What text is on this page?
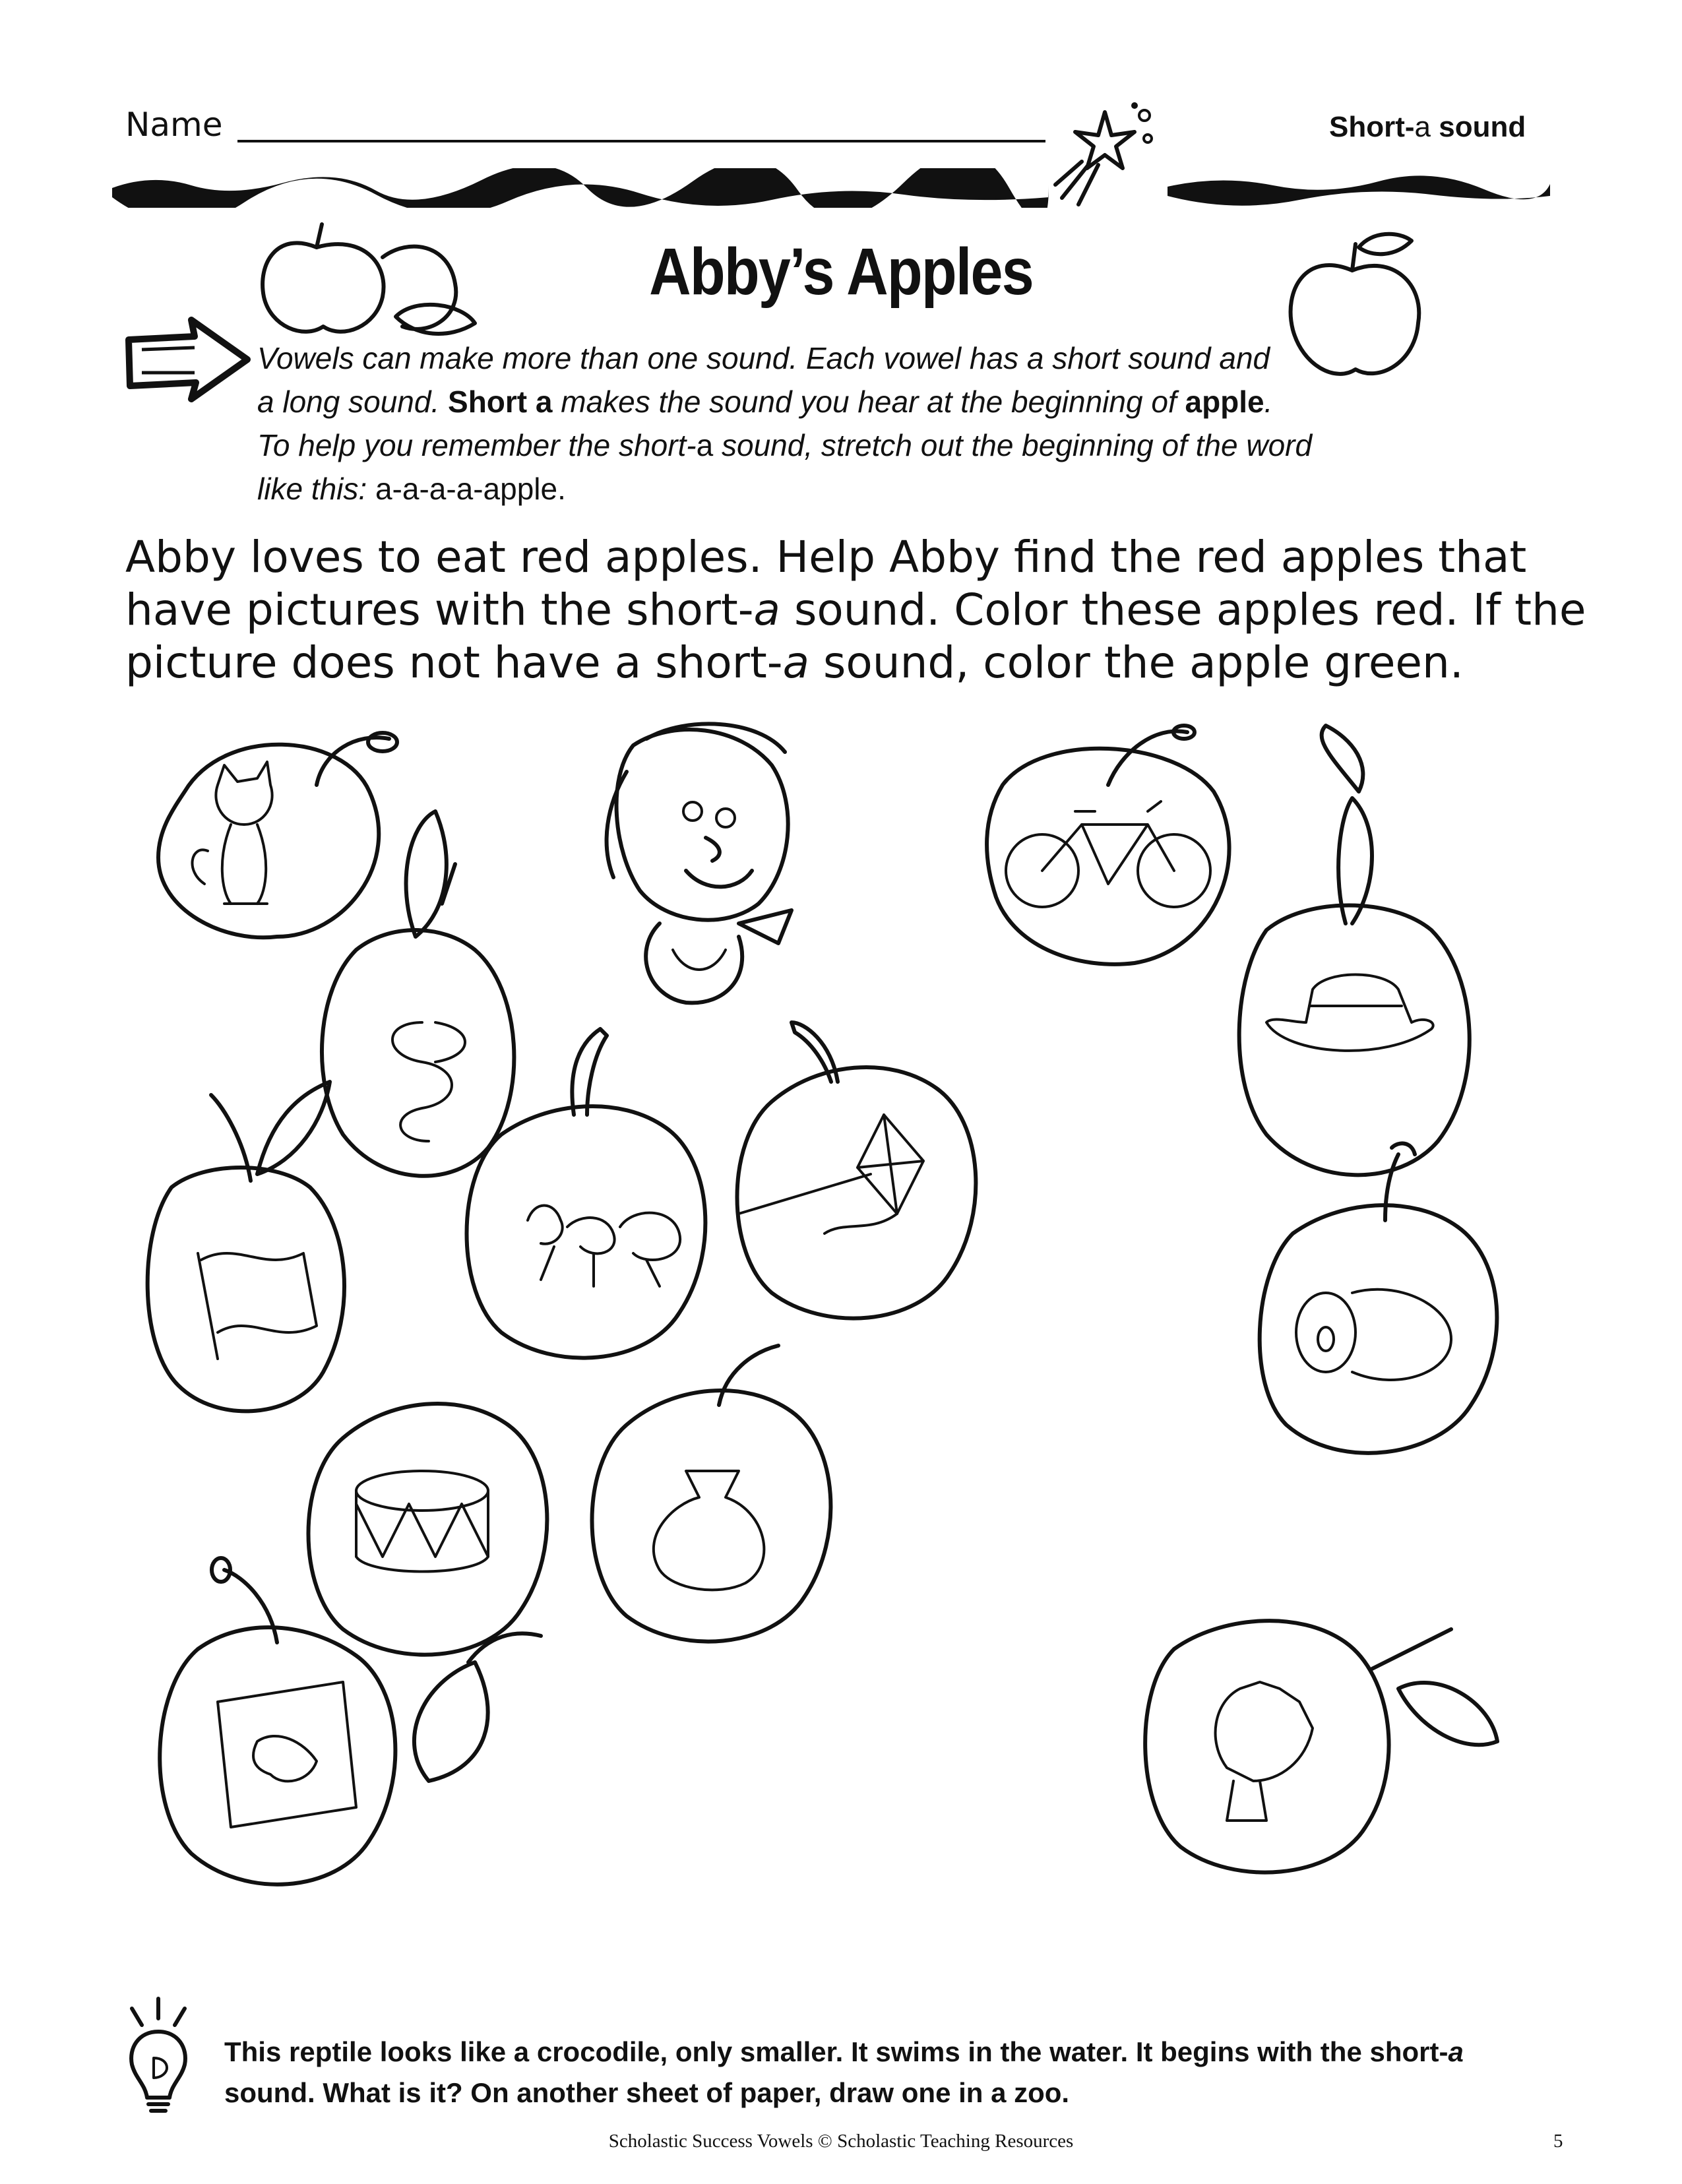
Name	Short-a sound
Abby’s Apples
Vowels can make more than one sound. Each vowel has a short sound and
a long sound. Short a makes the sound you hear at the beginning of apple.
To help you remember the short-a sound, stretch out the beginning of the word
like this: a-a-a-a-apple.
Abby loves to eat red apples. Help Abby find the red apples that
have pictures with the short-a sound. Color these apples red. If the
picture does not have a short-a sound, color the apple green.
This reptile looks like a crocodile, only smaller. It swims in the water. It begins with the short-a
sound. What is it? On another sheet of paper, draw one in a zoo.
Scholastic Success Vowels © Scholastic Teaching Resources	5
